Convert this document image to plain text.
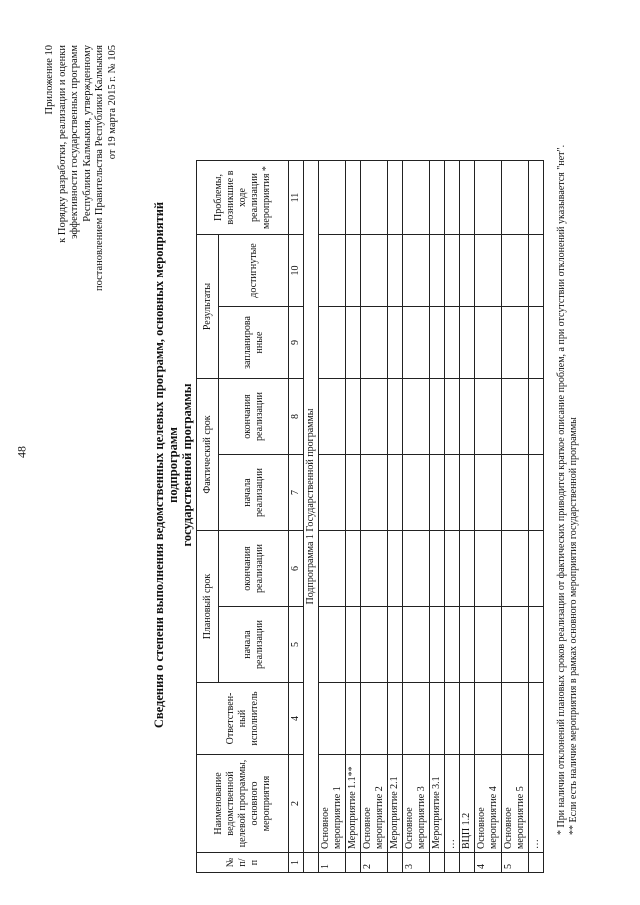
48
Приложение 10 к Порядку разработки, реализации и оценки эффективности государственных программ Республики Калмыкия, утвержденному постановлением Правительства Республики Калмыкия от 19 марта 2015 г. № 105
Сведения о степени выполнения ведомственных целевых программ, основных мероприятий подпрограмм государственной программы
№ п/п	Наименование ведомственной целевой программы, основного мероприятия	Ответствен-ный исполнитель	Плановый срок		Фактический срок		Результаты		Проблемы, возникшие в ходе реализации мероприятия *
			начала реализации	окончания реализации	начала реализации	окончания реализации	запланирова нные	достигнутые	
1	2	4	5	6	7	8	9	10	11
	Подпрограмма 1 Государственной программы								
1	Основное мероприятие 1								
	Мероприятие 1.1**								
2	Основное мероприятие 2								
	Мероприятие 2.1								
3	Основное мероприятие 3								
	Мероприятие 3.1								
	…								
	ВЦП 1.2								
4	Основное мероприятие 4								
5	Основное мероприятие 5								
	…								
* При наличии отклонений плановых сроков реализации от фактических приводится краткое описание проблем, а при отсутствии отклонений указывается "нет". ** Если есть наличие мероприятия в рамках основного мероприятия государственной программы
